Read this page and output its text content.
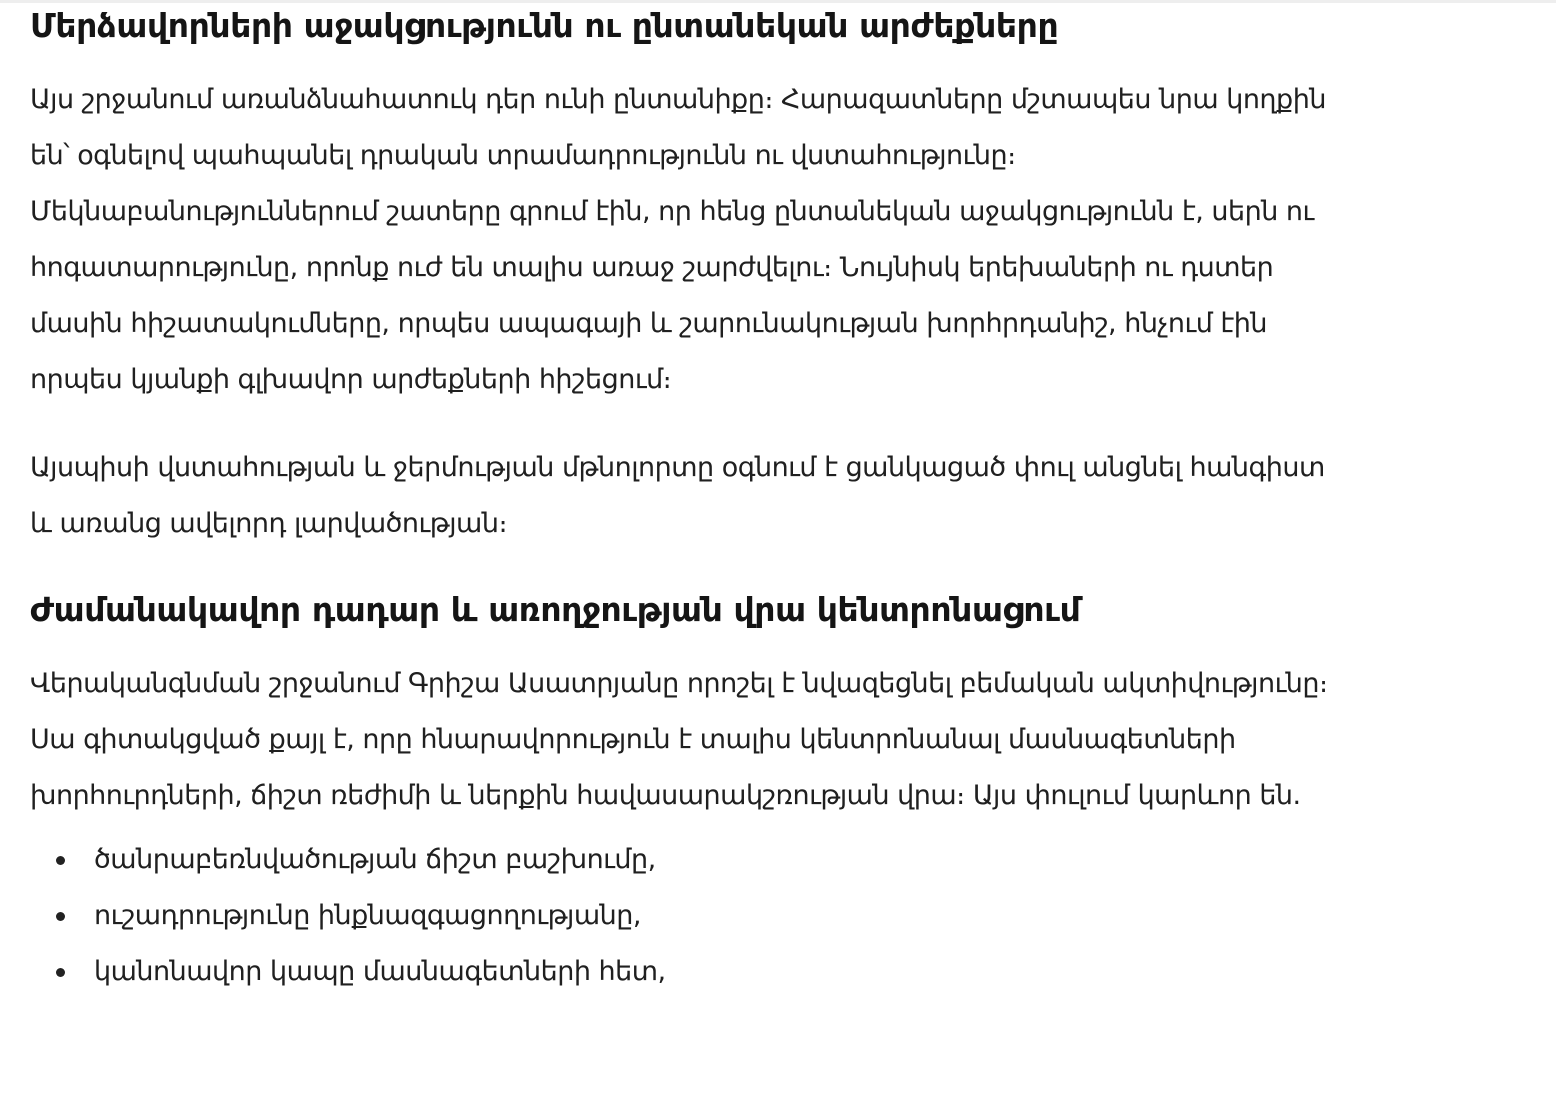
Մերձավորների աջակցությունն ու ընտանեկան արժեքները

Այս շրջանում առանձնահատուկ դեր ունի ընտանիքը։ Հարազատները մշտապես նրա կողքին են՝ օգնելով պահպանել դրական տրամադրությունն ու վստահությունը։ Մեկնաբանություններում շատերը գրում էին, որ հենց ընտանեկան աջակցությունն է, սերն ու հոգատարությունը, որոնք ուժ են տալիս առաջ շարժվելու։ Նույնիսկ երեխաների ու դստեր մասին հիշատակումները, որպես ապագայի և շարունակության խորհրդանիշ, հնչում էին որպես կյանքի գլխավոր արժեքների հիշեցում։

Այսպիսի վստահության և ջերմության մթնոլորտը օգնում է ցանկացած փուլ անցնել հանգիստ և առանց ավելորդ լարվածության։

Ժամանակավոր դադար և առողջության վրա կենտրոնացում

Վերականգնման շրջանում Գրիշա Ասատրյանը որոշել է նվազեցնել բեմական ակտիվությունը։ Սա գիտակցված քայլ է, որը հնարավորություն է տալիս կենտրոնանալ մասնագետների խորհուրդների, ճիշտ ռեժիմի և ներքին հավասարակշռության վրա։ Այս փուլում կարևոր են.

ծանրաբեռնվածության ճիշտ բաշխումը,
ուշադրությունը ինքնազգացողությանը,
կանոնավոր կապը մասնագետների հետ,
